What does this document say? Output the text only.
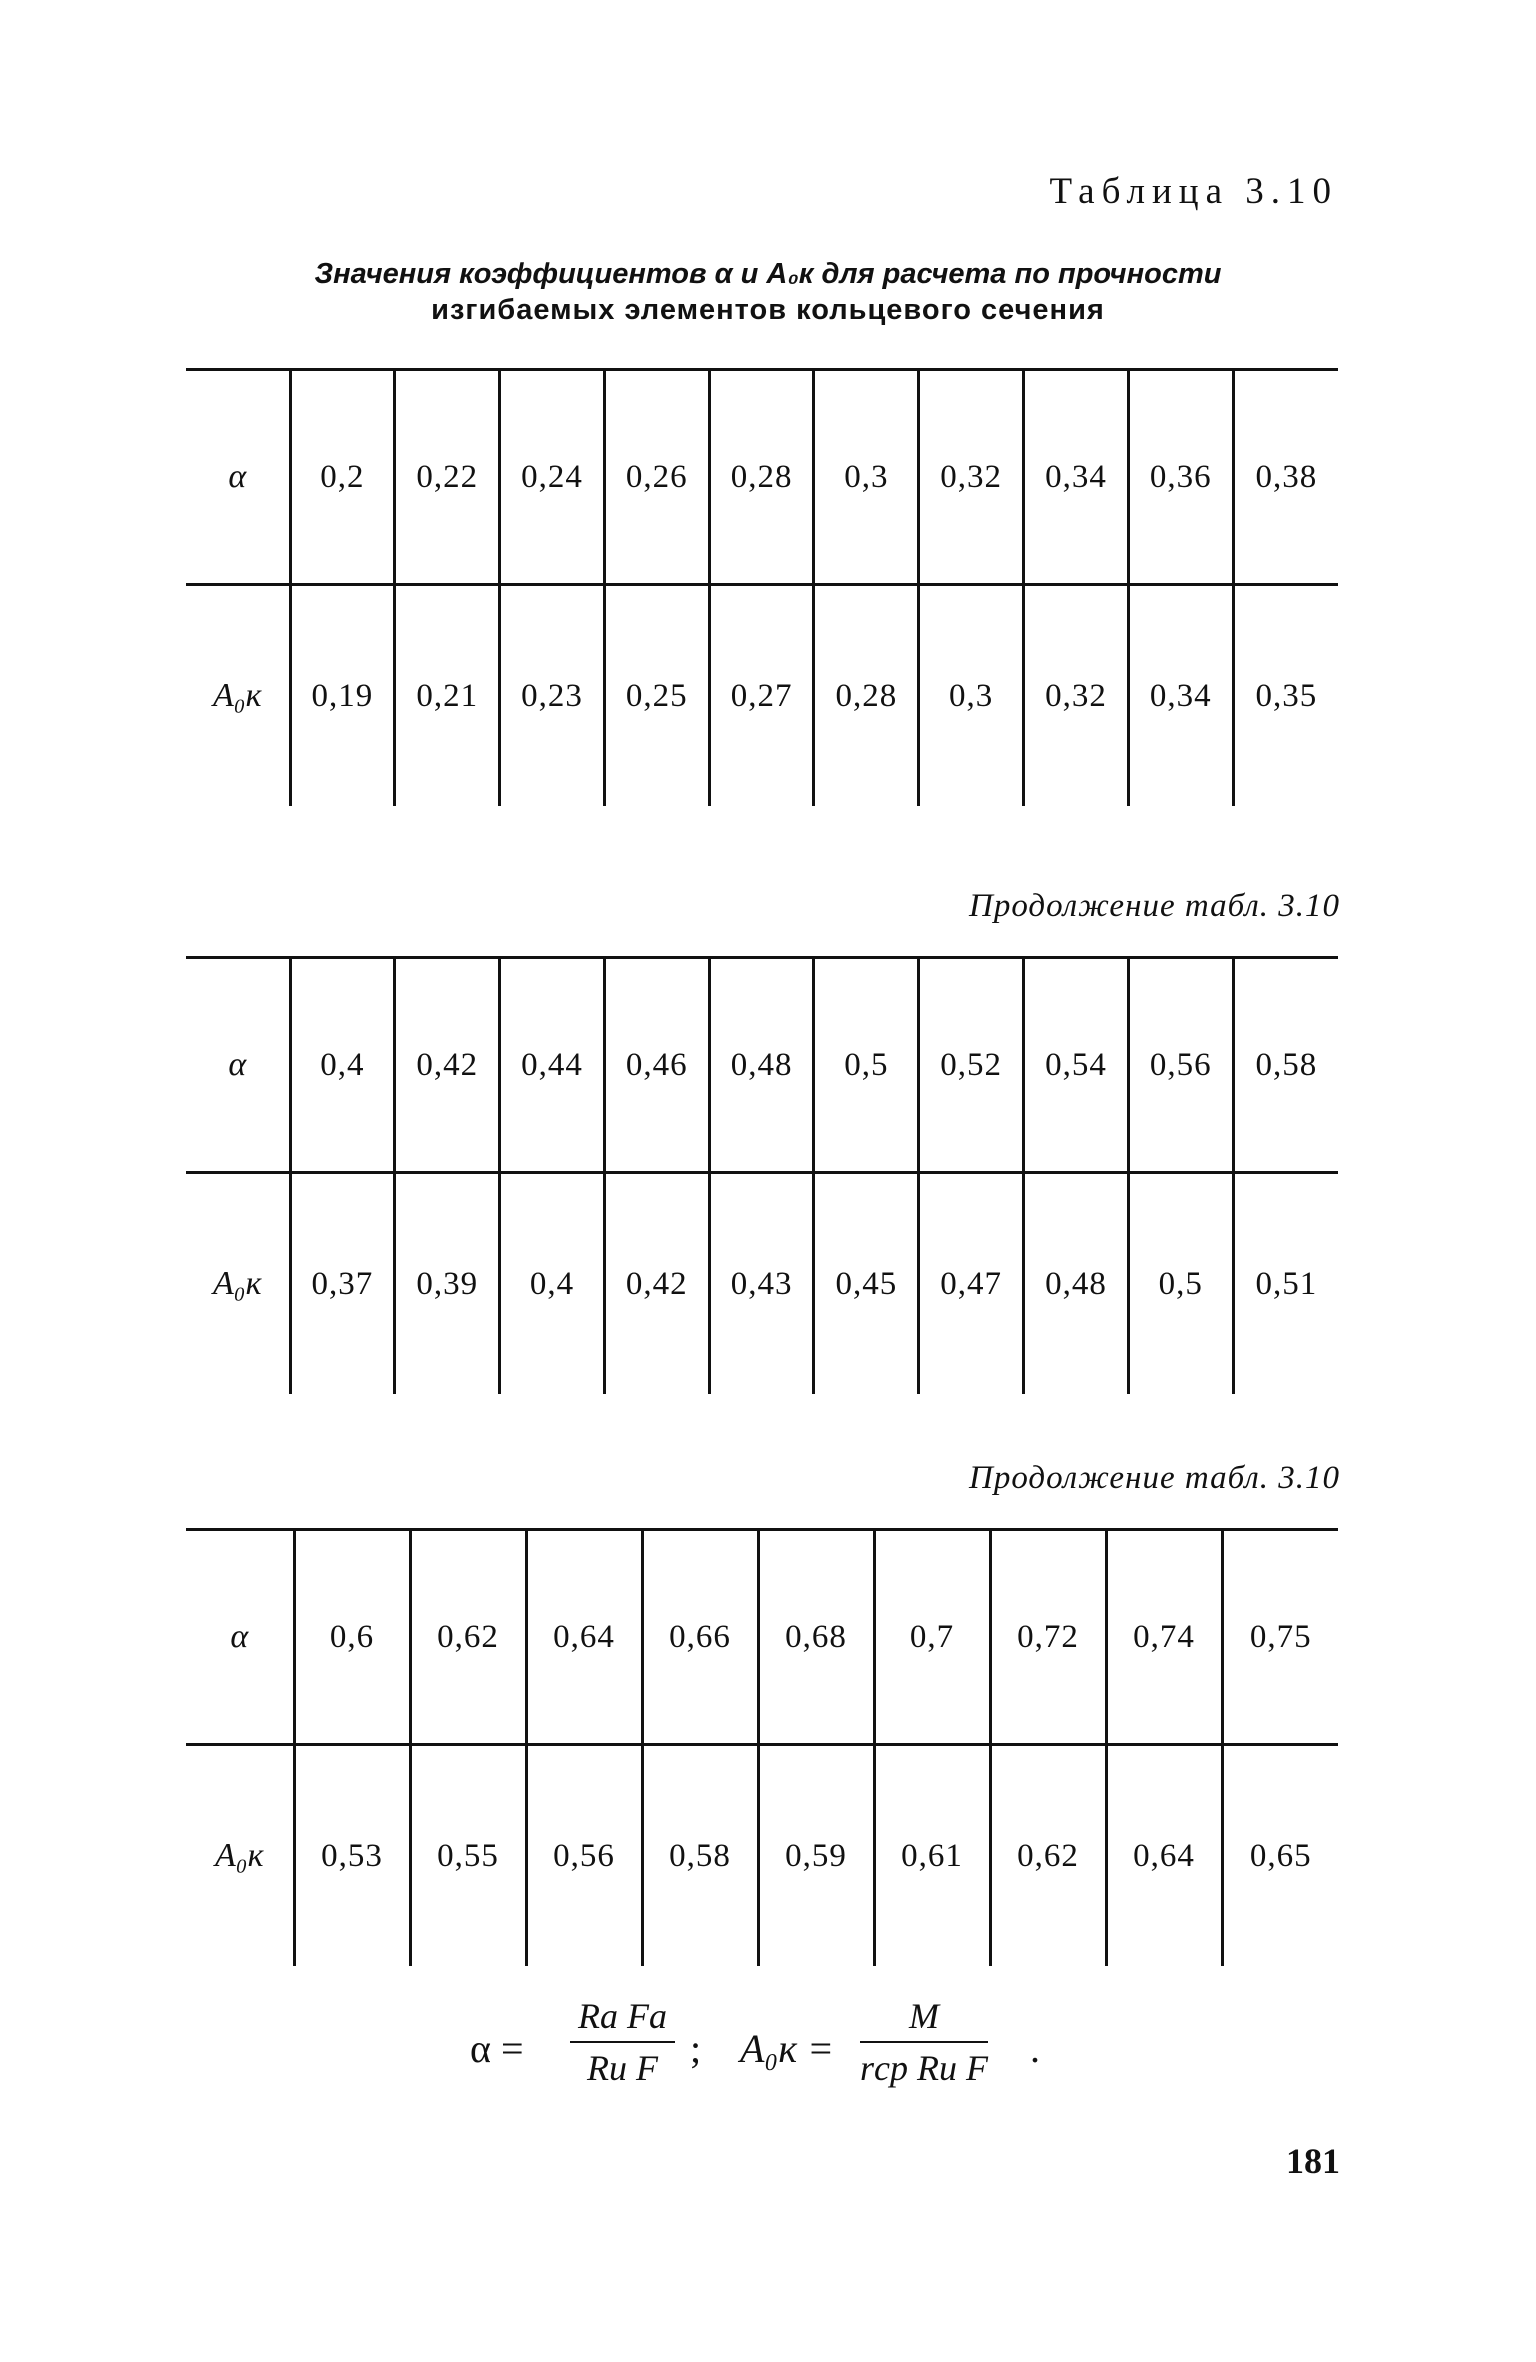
Таблица 3.10
Значения коэффициентов α и A₀к для расчета по прочности
изгибаемых элементов кольцевого сечения
α	0,2	0,22	0,24	0,26	0,28	0,3	0,32	0,34	0,36	0,38
A₀к	0,19	0,21	0,23	0,25	0,27	0,28	0,3	0,32	0,34	0,35
Продолжение табл. 3.10
α	0,4	0,42	0,44	0,46	0,48	0,5	0,52	0,54	0,56	0,58
A₀к	0,37	0,39	0,4	0,42	0,43	0,45	0,47	0,48	0,5	0,51
Продолжение табл. 3.10
α	0,6	0,62	0,64	0,66	0,68	0,7	0,72	0,74	0,75
A₀к	0,53	0,55	0,56	0,58	0,59	0,61	0,62	0,64	0,65
α =
Rа Fа
Rи F ; A₀к =
M
rср Rи F .
181
